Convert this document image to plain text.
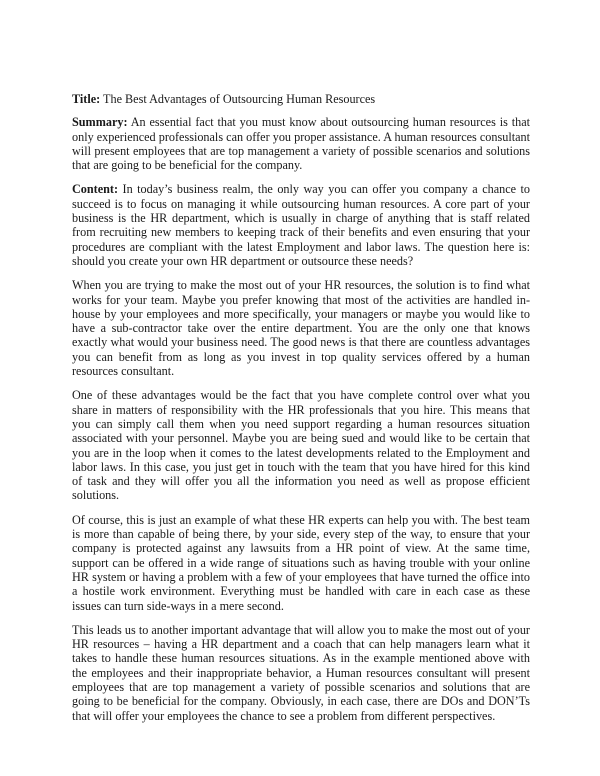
Title: The Best Advantages of Outsourcing Human Resources

Summary: An essential fact that you must know about outsourcing human resources is that only experienced professionals can offer you proper assistance. A human resources consultant will present employees that are top management a variety of possible scenarios and solutions that are going to be beneficial for the company.

Content: In today’s business realm, the only way you can offer you company a chance to succeed is to focus on managing it while outsourcing human resources. A core part of your business is the HR department, which is usually in charge of anything that is staff related from recruiting new members to keeping track of their benefits and even ensuring that your procedures are compliant with the latest Employment and labor laws. The question here is: should you create your own HR department or outsource these needs?

When you are trying to make the most out of your HR resources, the solution is to find what works for your team. Maybe you prefer knowing that most of the activities are handled in-house by your employees and more specifically, your managers or maybe you would like to have a sub-contractor take over the entire department. You are the only one that knows exactly what would your business need. The good news is that there are countless advantages you can benefit from as long as you invest in top quality services offered by a human resources consultant.

One of these advantages would be the fact that you have complete control over what you share in matters of responsibility with the HR professionals that you hire. This means that you can simply call them when you need support regarding a human resources situation associated with your personnel. Maybe you are being sued and would like to be certain that you are in the loop when it comes to the latest developments related to the Employment and labor laws. In this case, you just get in touch with the team that you have hired for this kind of task and they will offer you all the information you need as well as propose efficient solutions.

Of course, this is just an example of what these HR experts can help you with. The best team is more than capable of being there, by your side, every step of the way, to ensure that your company is protected against any lawsuits from a HR point of view. At the same time, support can be offered in a wide range of situations such as having trouble with your online HR system or having a problem with a few of your employees that have turned the office into a hostile work environment. Everything must be handled with care in each case as these issues can turn side-ways in a mere second.

This leads us to another important advantage that will allow you to make the most out of your HR resources – having a HR department and a coach that can help managers learn what it takes to handle these human resources situations. As in the example mentioned above with the employees and their inappropriate behavior, a Human resources consultant will present employees that are top management a variety of possible scenarios and solutions that are going to be beneficial for the company. Obviously, in each case, there are DOs and DON’Ts that will offer your employees the chance to see a problem from different perspectives.
